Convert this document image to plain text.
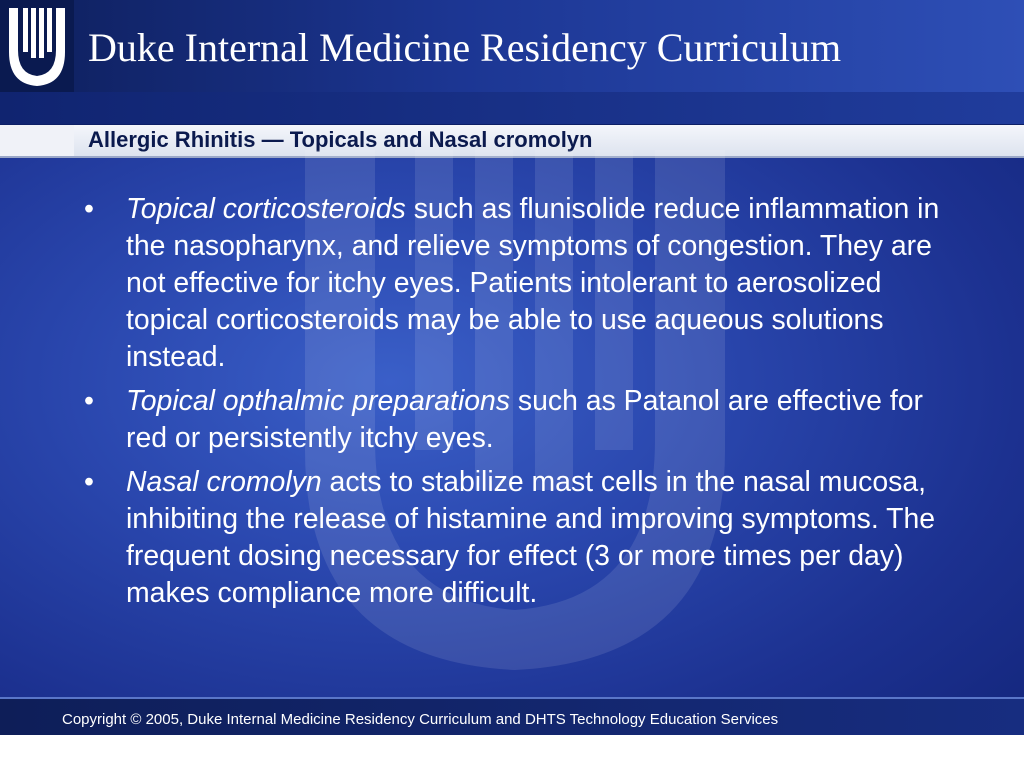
Duke Internal Medicine Residency Curriculum
Allergic Rhinitis — Topicals and Nasal cromolyn
•	Topical corticosteroids such as flunisolide reduce inflammation in the nasopharynx, and relieve symptoms of congestion. They are not effective for itchy eyes. Patients intolerant to aerosolized topical corticosteroids may be able to use aqueous solutions instead.
•	Topical opthalmic preparations such as Patanol are effective for red or persistently itchy eyes.
•	Nasal cromolyn acts to stabilize mast cells in the nasal mucosa, inhibiting the release of histamine and improving symptoms. The frequent dosing necessary for effect (3 or more times per day) makes compliance more difficult.
Copyright © 2005, Duke Internal Medicine Residency Curriculum and DHTS Technology Education Services
